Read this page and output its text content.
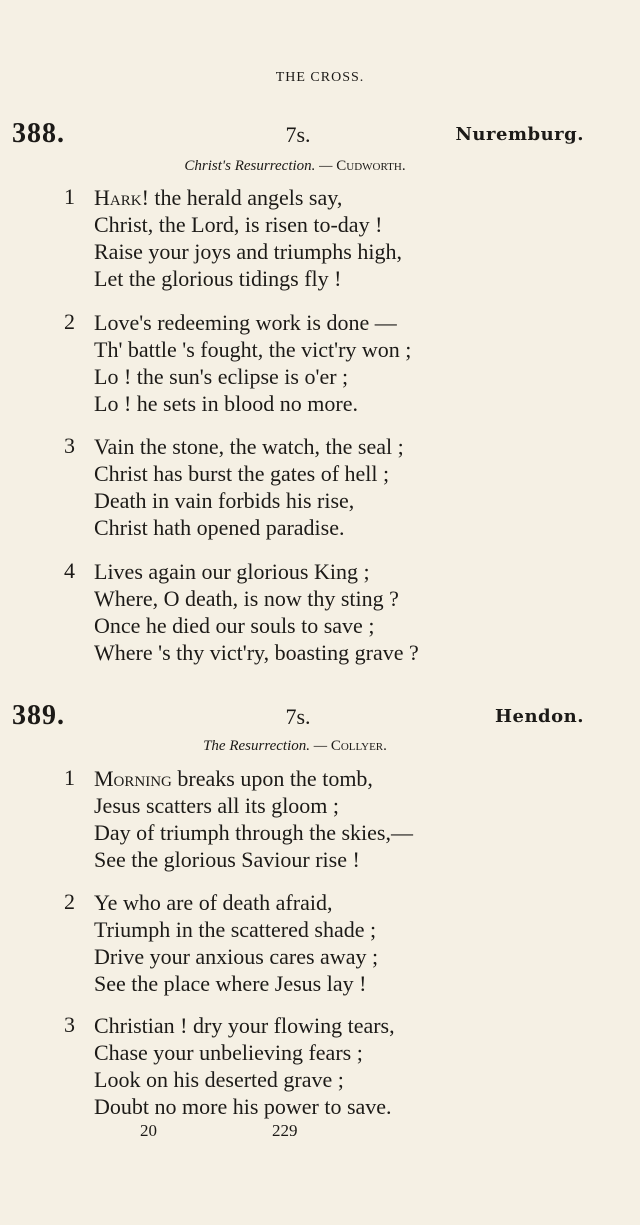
THE CROSS.
388.	7s.	Nuremburg.
Christ's Resurrection. — Cudworth.
1 Hark! the herald angels say,
Christ, the Lord, is risen to-day !
Raise your joys and triumphs high,
Let the glorious tidings fly !
2 Love's redeeming work is done —
Th' battle 's fought, the vict'ry won ;
Lo ! the sun's eclipse is o'er ;
Lo ! he sets in blood no more.
3 Vain the stone, the watch, the seal ;
Christ has burst the gates of hell ;
Death in vain forbids his rise,
Christ hath opened paradise.
4 Lives again our glorious King ;
Where, O death, is now thy sting ?
Once he died our souls to save ;
Where 's thy vict'ry, boasting grave ?
389.	7s.	Hendon.
The Resurrection. — Collyer.
1 Morning breaks upon the tomb,
Jesus scatters all its gloom ;
Day of triumph through the skies,—
See the glorious Saviour rise !
2 Ye who are of death afraid,
Triumph in the scattered shade ;
Drive your anxious cares away ;
See the place where Jesus lay !
3 Christian ! dry your flowing tears,
Chase your unbelieving fears ;
Look on his deserted grave ;
Doubt no more his power to save.
20	229
